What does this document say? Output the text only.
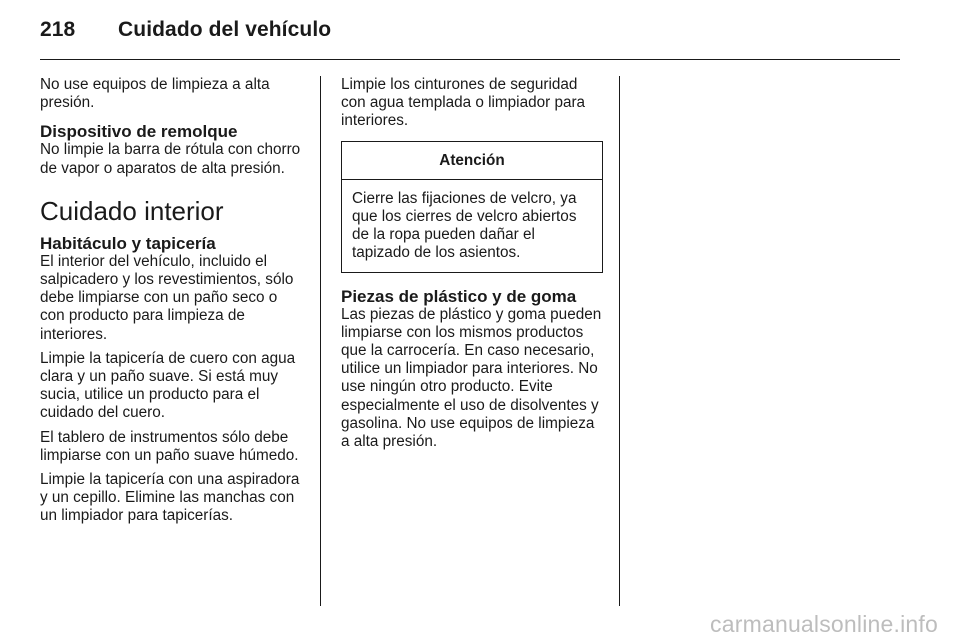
218 Cuidado del vehículo

No use equipos de limpieza a alta presión.

Dispositivo de remolque

No limpie la barra de rótula con chorro de vapor o aparatos de alta presión.

Cuidado interior
Habitáculo y tapicería

El interior del vehículo, incluido el salpicadero y los revestimientos, sólo debe limpiarse con un paño seco o con producto para limpieza de interiores.

Limpie la tapicería de cuero con agua clara y un paño suave. Si está muy sucia, utilice un producto para el cuidado del cuero.

El tablero de instrumentos sólo debe limpiarse con un paño suave húmedo.

Limpie la tapicería con una aspiradora y un cepillo. Elimine las manchas con un limpiador para tapicerías.

Limpie los cinturones de seguridad con agua templada o limpiador para interiores.

Atención
Cierre las fijaciones de velcro, ya que los cierres de velcro abiertos de la ropa pueden dañar el tapizado de los asientos.
Piezas de plástico y de goma

Las piezas de plástico y goma pueden limpiarse con los mismos productos que la carrocería. En caso necesario, utilice un limpiador para interiores. No use ningún otro producto. Evite especialmente el uso de disolventes y gasolina. No use equipos de limpieza a alta presión.

carmanualsonline.info
